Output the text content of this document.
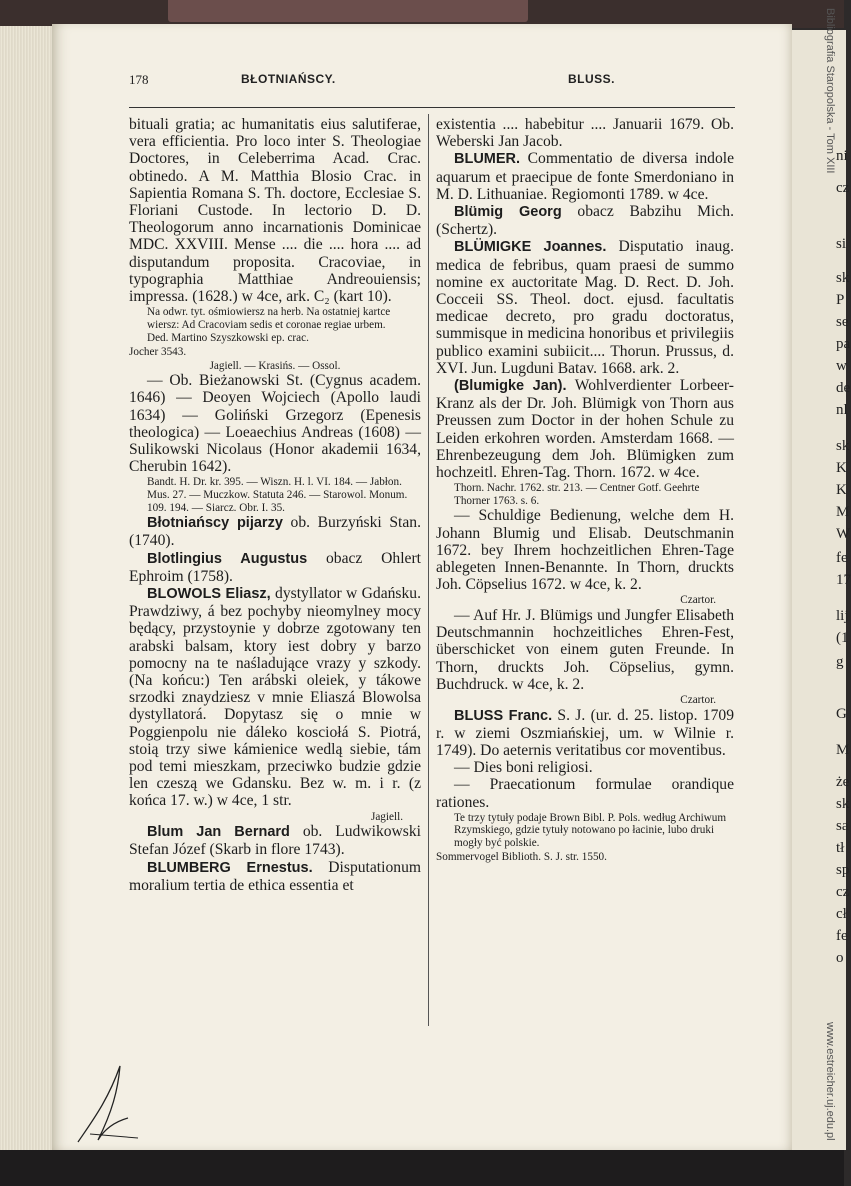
ni
cz
si
sk
P
se
pa
w
de
nl
sk
K
K
M
W
fe
17
lij
(1
g
G
M
że
sk
sa
tł
sp
cz
cł
fe
o
Bibliografia Staropolska - Tom XIII
www.estreicher.uj.edu.pl
178	BŁOTNIAŃSCY.	BLUSS.

bituali gratia; ac humanitatis eius salutiferae, vera efficientia. Pro loco inter S. Theologiae Doctores, in Celeberrima Acad. Crac. obtinedo. A M. Matthia Blosio Crac. in Sapientia Romana S. Th. doctore, Ecclesiae S. Floriani Custode. In lectorio D. D. Theologorum anno incarnationis Dominicae MDC. XXVIII. Mense .... die .... hora .... ad disputandum proposita. Cracoviae, in typographia Matthiae Andreouiensis; impressa. (1628.) w 4ce, ark. C₂ (kart 10).

Na odwr. tyt. ośmiowiersz na herb. Na ostatniej kartce wiersz: Ad Cracoviam sedis et coronae regiae urbem.

Ded. Martino Szyszkowski ep. crac.

Jocher 3543.

Jagiell. — Krasińs. — Ossol.

— Ob. Bieżanowski St. (Cygnus academ. 1646) — Deoyen Wojciech (Apollo laudi 1634) — Goliński Grzegorz (Epenesis theologica) — Loeaechius Andreas (1608) — Sulikowski Nicolaus (Honor akademii 1634, Cherubin 1642).

Bandt. H. Dr. kr. 395. — Wiszn. H. l. VI. 184. — Jabłon. Mus. 27. — Muczkow. Statuta 246. — Starowol. Monum. 109. 194. — Siarcz. Obr. I. 35.

Błotniańscy pijarzy ob. Burzyński Stan. (1740).

Blotlingius Augustus obacz Ohlert Ephroim (1758).

BLOWOLS Eliasz, dystyllator w Gdańsku. Prawdziwy, á bez pochyby nieomylney mocy będący, przystoynie y dobrze zgotowany ten arabski balsam, ktory iest dobry y barzo pomocny na te naśladujące vrazy y szkody. (Na końcu:) Ten arábski oleiek, y tákowe srzodki znaydziesz v mnie Eliaszá Blowolsa dystyllatorá. Dopytasz się o mnie w Poggienpolu nie dáleko kosciołá S. Piotrá, stoią trzy siwe kámienice wedlą siebie, tám pod temi mieszkam, przeciwko budzie gdzie len czeszą we Gdansku. Bez w. m. i r. (z końca 17. w.) w 4ce, 1 str.

Jagiell.

Blum Jan Bernard ob. Ludwikowski Stefan Józef (Skarb in flore 1743).

BLUMBERG Ernestus. Disputationum moralium tertia de ethica essentia et

existentia .... habebitur .... Januarii 1679. Ob. Weberski Jan Jacob.

BLUMER. Commentatio de diversa indole aquarum et praecipue de fonte Smerdoniano in M. D. Lithuaniae. Regiomonti 1789. w 4ce.

Blümig Georg obacz Babzihu Mich. (Schertz).

BLÜMIGKE Joannes. Disputatio inaug. medica de febribus, quam praesi de summo nomine ex auctoritate Mag. D. Rect. D. Joh. Cocceii SS. Theol. doct. ejusd. facultatis medicae decreto, pro gradu doctoratus, summisque in medicina honoribus et privilegiis publico examini subiicit.... Thorun. Prussus, d. XVI. Jun. Lugduni Batav. 1668. ark. 2.

(Blumigke Jan). Wohlverdienter Lorbeer-Kranz als der Dr. Joh. Blümigk von Thorn aus Preussen zum Doctor in der hohen Schule zu Leiden erkohren worden. Amsterdam 1668. — Ehrenbezeugung dem Joh. Blümigken zum hochzeitl. Ehren-Tag. Thorn. 1672. w 4ce.

Thorn. Nachr. 1762. str. 213. — Centner Gotf. Geehrte Thorner 1763. s. 6.

— Schuldige Bedienung, welche dem H. Johann Blumig und Elisab. Deutschmanin 1672. bey Ihrem hochzeitlichen Ehren-Tage ablegeten Innen-Benannte. In Thorn, druckts Joh. Cöpselius 1672. w 4ce, k. 2.

Czartor.

— Auf Hr. J. Blümigs und Jungfer Elisabeth Deutschmannin hochzeitliches Ehren-Fest, überschicket von einem guten Freunde. In Thorn, druckts Joh. Cöpselius, gymn. Buchdruck. w 4ce, k. 2.

Czartor.

BLUSS Franc. S. J. (ur. d. 25. listop. 1709 r. w ziemi Oszmiańskiej, um. w Wilnie r. 1749). Do aeternis veritatibus cor moventibus.

— Dies boni religiosi.

— Praecationum formulae orandique rationes.

Te trzy tytuły podaje Brown Bibl. P. Pols. według Archiwum Rzymskiego, gdzie tytuły notowano po łacinie, lubo druki mogły być polskie.

Sommervogel Biblioth. S. J. str. 1550.
